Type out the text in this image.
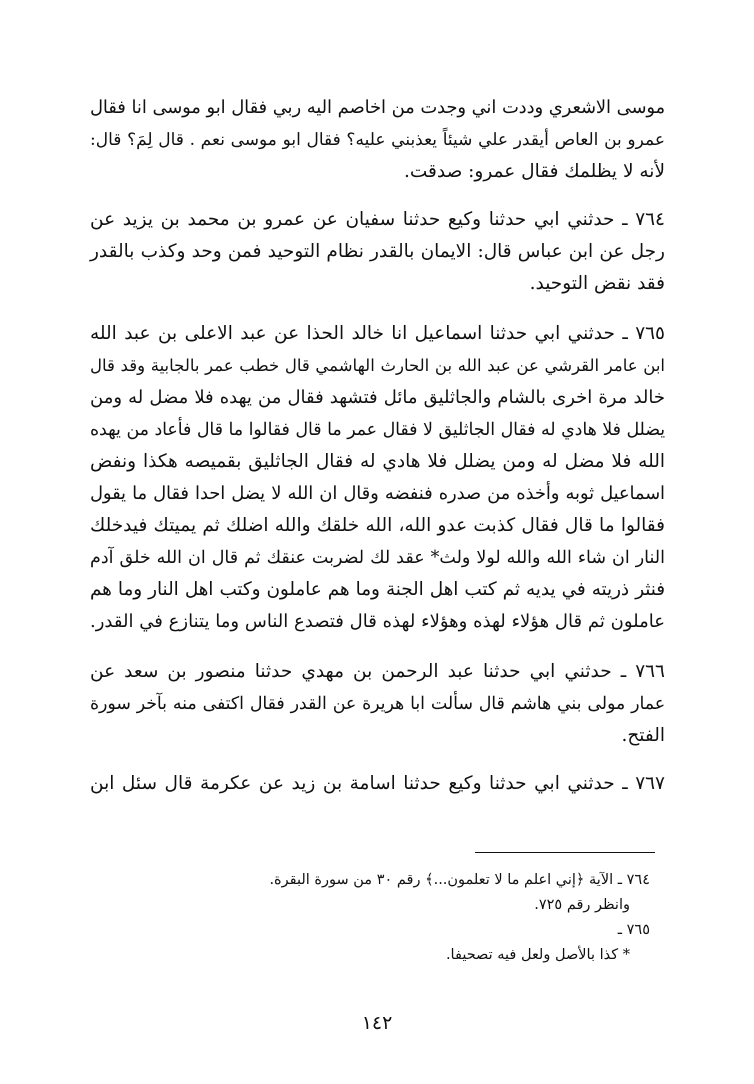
موسى الاشعري وددت اني وجدت من اخاصم اليه ربي فقال ابو موسى انا فقال
عمرو بن العاص أيقدر علي شيئاً يعذبني عليه؟ فقال ابو موسى نعم . قال لِمَ؟ قال:
لأنه لا يظلمك فقال عمرو: صدقت.
٧٦٤ ـ حدثني ابي حدثنا وكيع حدثنا سفيان عن عمرو بن محمد بن يزيد عن
رجل عن ابن عباس قال: الايمان بالقدر نظام التوحيد فمن وحد وكذب بالقدر
فقد نقض التوحيد.
٧٦٥ ـ حدثني ابي حدثنا اسماعيل انا خالد الحذا عن عبد الاعلى بن عبد الله
ابن عامر القرشي عن عبد الله بن الحارث الهاشمي قال خطب عمر بالجابية وقد قال
خالد مرة اخرى بالشام والجاثليق مائل فتشهد فقال من يهده فلا مضل له ومن
يضلل فلا هادي له فقال الجاثليق لا فقال عمر ما قال فقالوا ما قال فأعاد من يهده
الله فلا مضل له ومن يضلل فلا هادي له فقال الجاثليق بقميصه هكذا ونفض
اسماعيل ثوبه وأخذه من صدره فنفضه وقال ان الله لا يضل احدا فقال ما يقول
فقالوا ما قال فقال كذبت عدو الله، الله خلقك والله اضلك ثم يميتك فيدخلك
النار ان شاء الله والله لولا ولث* عقد لك لضربت عنقك ثم قال ان الله خلق آدم
فنثر ذريته في يديه ثم كتب اهل الجنة وما هم عاملون وكتب اهل النار وما هم
عاملون ثم قال هؤلاء لهذه وهؤلاء لهذه قال فتصدع الناس وما يتنازع في القدر.
٧٦٦ ـ حدثني ابي حدثنا عبد الرحمن بن مهدي حدثنا منصور بن سعد عن
عمار مولى بني هاشم قال سألت ابا هريرة عن القدر فقال اكتفى منه بآخر سورة
الفتح.
٧٦٧ ـ حدثني ابي حدثنا وكيع حدثنا اسامة بن زيد عن عكرمة قال سئل ابن
٧٦٤ ـ الآية ﴿إني اعلم ما لا تعلمون...﴾ رقم ٣٠ من سورة البقرة.
وانظر رقم ٧٢٥.
٧٦٥ ـ
* كذا بالأصل ولعل فيه تصحيفا.
١٤٢
